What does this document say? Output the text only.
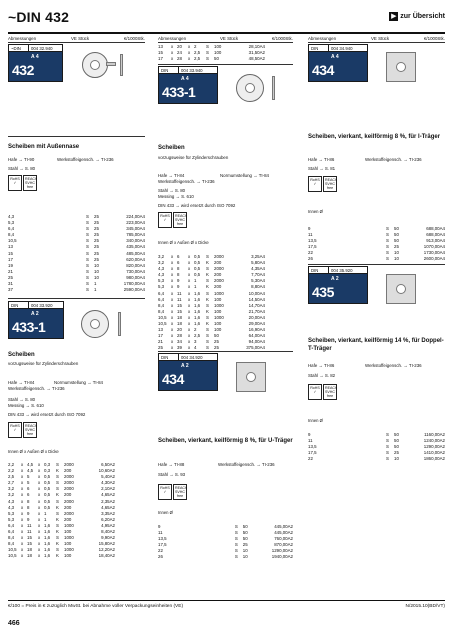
~DIN 432	▶ zur Übersicht
Abmessungen	VE Stück	€/1000Stk.	Abmessungen	VE Stück	€/1000Stk.	Abmessungen	VE Stück	€/1000Stk.
~DIN	004 32.940
A 4
432
Scheiben mit Außennase
Hafe → TI-90	Werkstoffeigensch. → TI-236
Stahl → S. 80
RoHS
✓
REACh SVHC free
4,3	S	25	224,00A4
5,3	S	25	223,00A4
6,4	S	25	345,00A4
8,4	S	25	785,00A4
10,5	S	25	340,00A4
13	S	25	435,00A4
15	S	25	485,00A4
17	S	25	620,00A4
19	S	10	820,00A4
21	S	10	730,00A4
25	S	10	980,00A4
31	S	1	1780,00A4
37	S	1	2590,00A4
DIN	004 33.920
A 2
433-1
Scheiben
vorzugsweise für Zylinderschrauben
Hafe → TI-84	Normumstellung → TI-84
Werkstoffeigensch. → TI-236
Stahl → S. 80
Messing → S. 610
DIN 433 → wird ersetzt durch ISO 7092
RoHS
✓
REACh SVHC free
Innen Ø x Außen Ø x Dicke
2,2	x 4,5	x 0,3	S	2000	6,50A2
2,2	x 4,5	x 0,3	K	200	10,60A2
2,5	x 5	x 0,5	S	2000	5,40A2
2,7	x 5	x 0,5	S	2000	4,30A2
3,2	x 6	x 0,5	S	2000	2,10A2
3,2	x 6	x 0,5	K	200	4,65A2
4,3	x 8	x 0,5	S	2000	2,35A2
4,3	x 8	x 0,5	K	200	4,65A2
5,3	x 9	x 1	S	2000	3,35A2
5,3	x 9	x 1	K	200	6,20A2
6,4	x 11	x 1,6	S	1000	4,95A2
6,4	x 11	x 1,6	K	100	8,40A2
8,4	x 15	x 1,6	S	1000	9,90A2
8,4	x 15	x 1,6	K	100	15,80A2
10,5	x 18	x 1,6	S	1000	12,20A2
10,5	x 18	x 1,6	K	100	18,40A2
13	x 20	x 2	S	100	28,10A4
15	x 24	x 2,5	S	100	31,50A2
17	x 28	x 2,5	S	50	48,50A2
DIN	004 33.940
A 4
433-1
Scheiben
vorzugsweise für Zylinderschrauben
Hafe → TI-84	Normumstellung → TI-84
Werkstoffeigensch. → TI-236
Stahl → S. 80
Messing → S. 610
DIN 433 → wird ersetzt durch ISO 7092
RoHS
✓
REACh SVHC free
Innen Ø x Außen Ø x Dicke
3,2	x 6	x 0,5	S	2000	3,25A4
3,2	x 6	x 0,5	K	200	5,80A4
4,3	x 8	x 0,5	S	2000	4,35A4
4,3	x 8	x 0,5	K	200	7,70A4
5,3	x 9	x 1	S	2000	5,30A4
5,3	x 9	x 1	K	200	8,80A4
6,4	x 11	x 1,6	S	1000	10,00A4
6,4	x 11	x 1,6	K	100	14,50A4
8,4	x 15	x 1,6	S	1000	14,70A4
8,4	x 15	x 1,6	K	100	21,70A4
10,5	x 18	x 1,6	S	1000	20,00A4
10,5	x 18	x 1,6	K	100	29,00A4
13	x 20	x 2	S	100	16,90A4
17	x 28	x 2,5	S	50	64,00A4
21	x 34	x 3	S	25	94,00A4
25	x 39	x 4	S	25	375,00A4
DIN	004 34.920
A 2
434
Scheiben, vierkant, keilförmig 8 %, für U-Träger
Hafe → TI-88	Werkstoffeigensch. → TI-236
Stahl → S. 93
RoHS
✓
REACh SVHC free
Innen Ø
9	S	50	445,00A2
11	S	50	445,00A2
13,5	S	50	760,00A2
17,5	S	25	870,00A2
22	S	10	1290,00A2
26	S	10	1940,00A2
DIN	004 34.940
A 4
434
Scheiben, vierkant, keilförmig 8 %, für I-Träger
Hafe → TI-86	Werkstoffeigensch. → TI-236
Stahl → S. 81
RoHS
✓
REACh SVHC free
Innen Ø
9	S	50	688,00A4
11	S	50	688,00A4
13,5	S	50	913,00A4
17,5	S	25	1070,00A4
22	S	10	1730,00A4
26	S	10	2600,00A4
DIN	004 35.920
A 2
435
Scheiben, vierkant, keilförmig 14 %, für Doppel-T-Träger
Hafe → TI-86	Werkstoffeigensch. → TI-236
Stahl → S. 82
RoHS
✓
REACh SVHC free
Innen Ø
9	S	50	1160,00A2
11	S	50	1240,00A2
13,5	S	50	1290,00A2
17,5	S	25	1410,00A2
22	S	10	1860,00A2
€/100 = Preis in € zuzüglich MwSt. bei Abnahme voller Verpackungseinheiten (VE)	N/2015.10(BD/VT)
466
